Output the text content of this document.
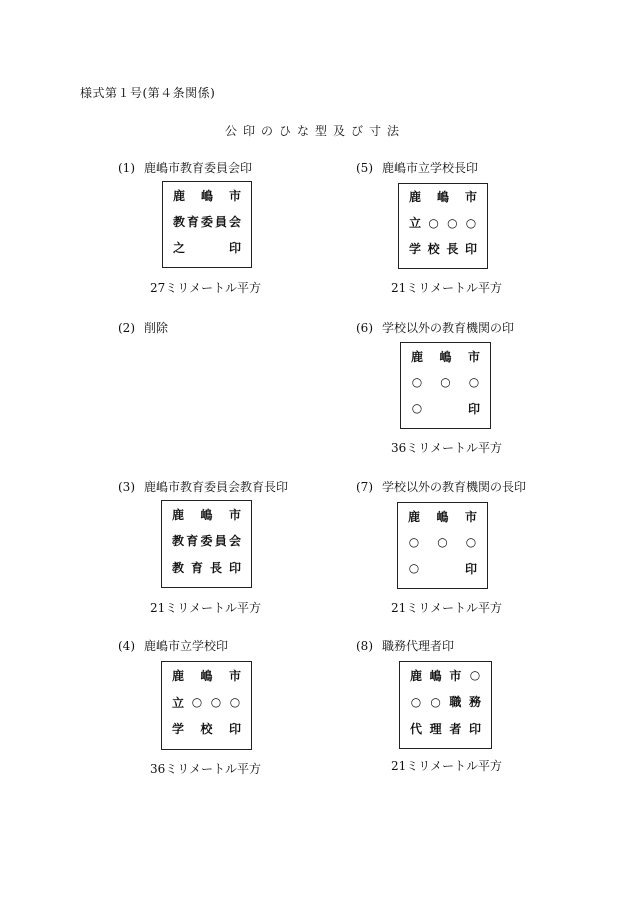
様式第１号(第４条関係)
公印のひな型及び寸法
(1) 鹿嶋市教育委員会印
鹿 嶋 市
教 育 委 員 会
之	印
27ミリメートル平方
(2) 削除
(3) 鹿嶋市教育委員会教育長印
鹿 嶋 市
教 育 委 員 会
教 育 長 印
21ミリメートル平方
(4) 鹿嶋市立学校印
鹿 嶋 市
立 ○ ○ ○
学 校 印
36ミリメートル平方
(5) 鹿嶋市立学校長印
鹿 嶋 市
立 ○ ○ ○
学 校 長 印
21ミリメートル平方
(6) 学校以外の教育機関の印
鹿 嶋 市
○ ○ ○
○	印
36ミリメートル平方
(7) 学校以外の教育機関の長印
鹿 嶋 市
○ ○ ○
○	印
21ミリメートル平方
(8) 職務代理者印
鹿 嶋 市 ○
○ ○ 職 務
代 理 者 印
21ミリメートル平方
